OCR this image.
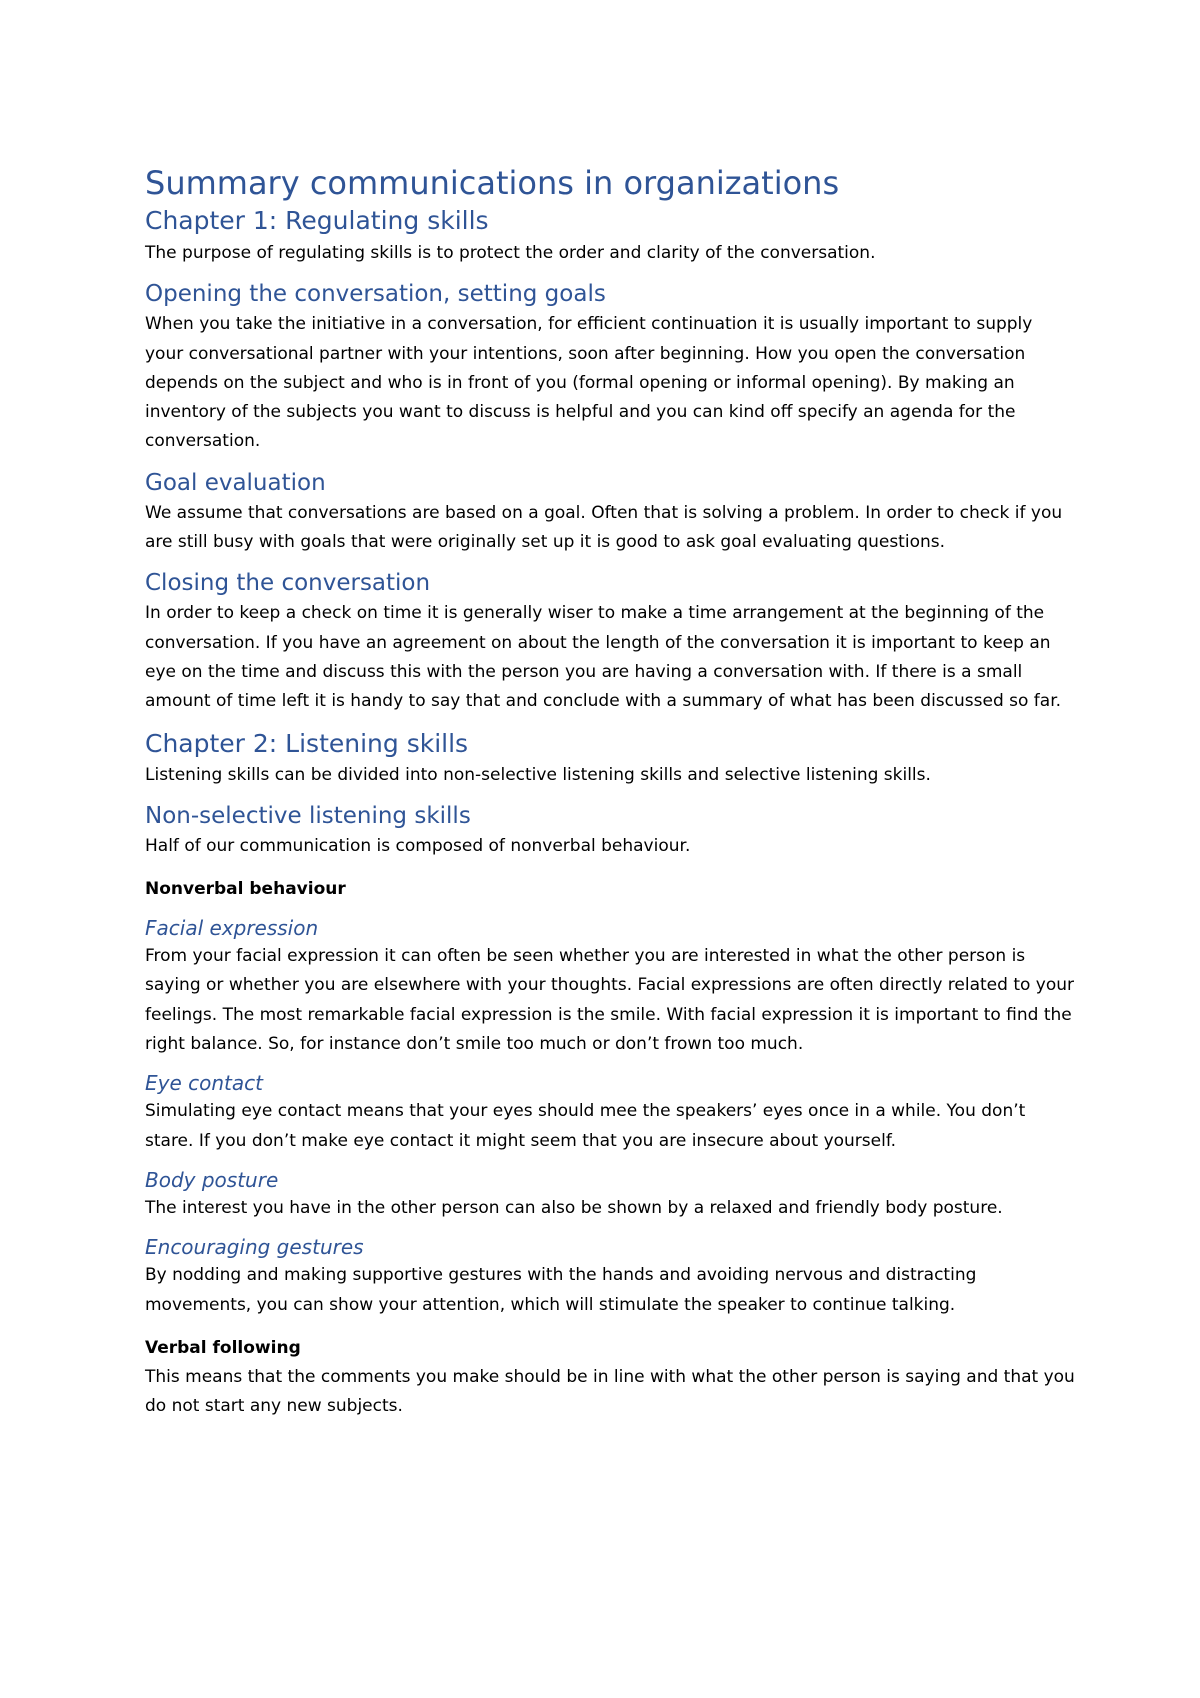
Summary communications in organizations
Chapter 1: Regulating skills

The purpose of regulating skills is to protect the order and clarity of the conversation.

Opening the conversation, setting goals

When you take the initiative in a conversation, for efficient continuation it is usually important to supply your conversational partner with your intentions, soon after beginning. How you open the conversation depends on the subject and who is in front of you (formal opening or informal opening). By making an inventory of the subjects you want to discuss is helpful and you can kind off specify an agenda for the conversation.

Goal evaluation

We assume that conversations are based on a goal. Often that is solving a problem. In order to check if you are still busy with goals that were originally set up it is good to ask goal evaluating questions.

Closing the conversation

In order to keep a check on time it is generally wiser to make a time arrangement at the beginning of the conversation. If you have an agreement on about the length of the conversation it is important to keep an eye on the time and discuss this with the person you are having a conversation with. If there is a small amount of time left it is handy to say that and conclude with a summary of what has been discussed so far.

Chapter 2: Listening skills

Listening skills can be divided into non-selective listening skills and selective listening skills.

Non-selective listening skills

Half of our communication is composed of nonverbal behaviour.

Nonverbal behaviour

Facial expression

From your facial expression it can often be seen whether you are interested in what the other person is saying or whether you are elsewhere with your thoughts. Facial expressions are often directly related to your feelings. The most remarkable facial expression is the smile. With facial expression it is important to find the right balance. So, for instance don’t smile too much or don’t frown too much.

Eye contact

Simulating eye contact means that your eyes should mee the speakers’ eyes once in a while. You don’t stare. If you don’t make eye contact it might seem that you are insecure about yourself.

Body posture

The interest you have in the other person can also be shown by a relaxed and friendly body posture.

Encouraging gestures

By nodding and making supportive gestures with the hands and avoiding nervous and distracting movements, you can show your attention, which will stimulate the speaker to continue talking.

Verbal following

This means that the comments you make should be in line with what the other person is saying and that you do not start any new subjects.
